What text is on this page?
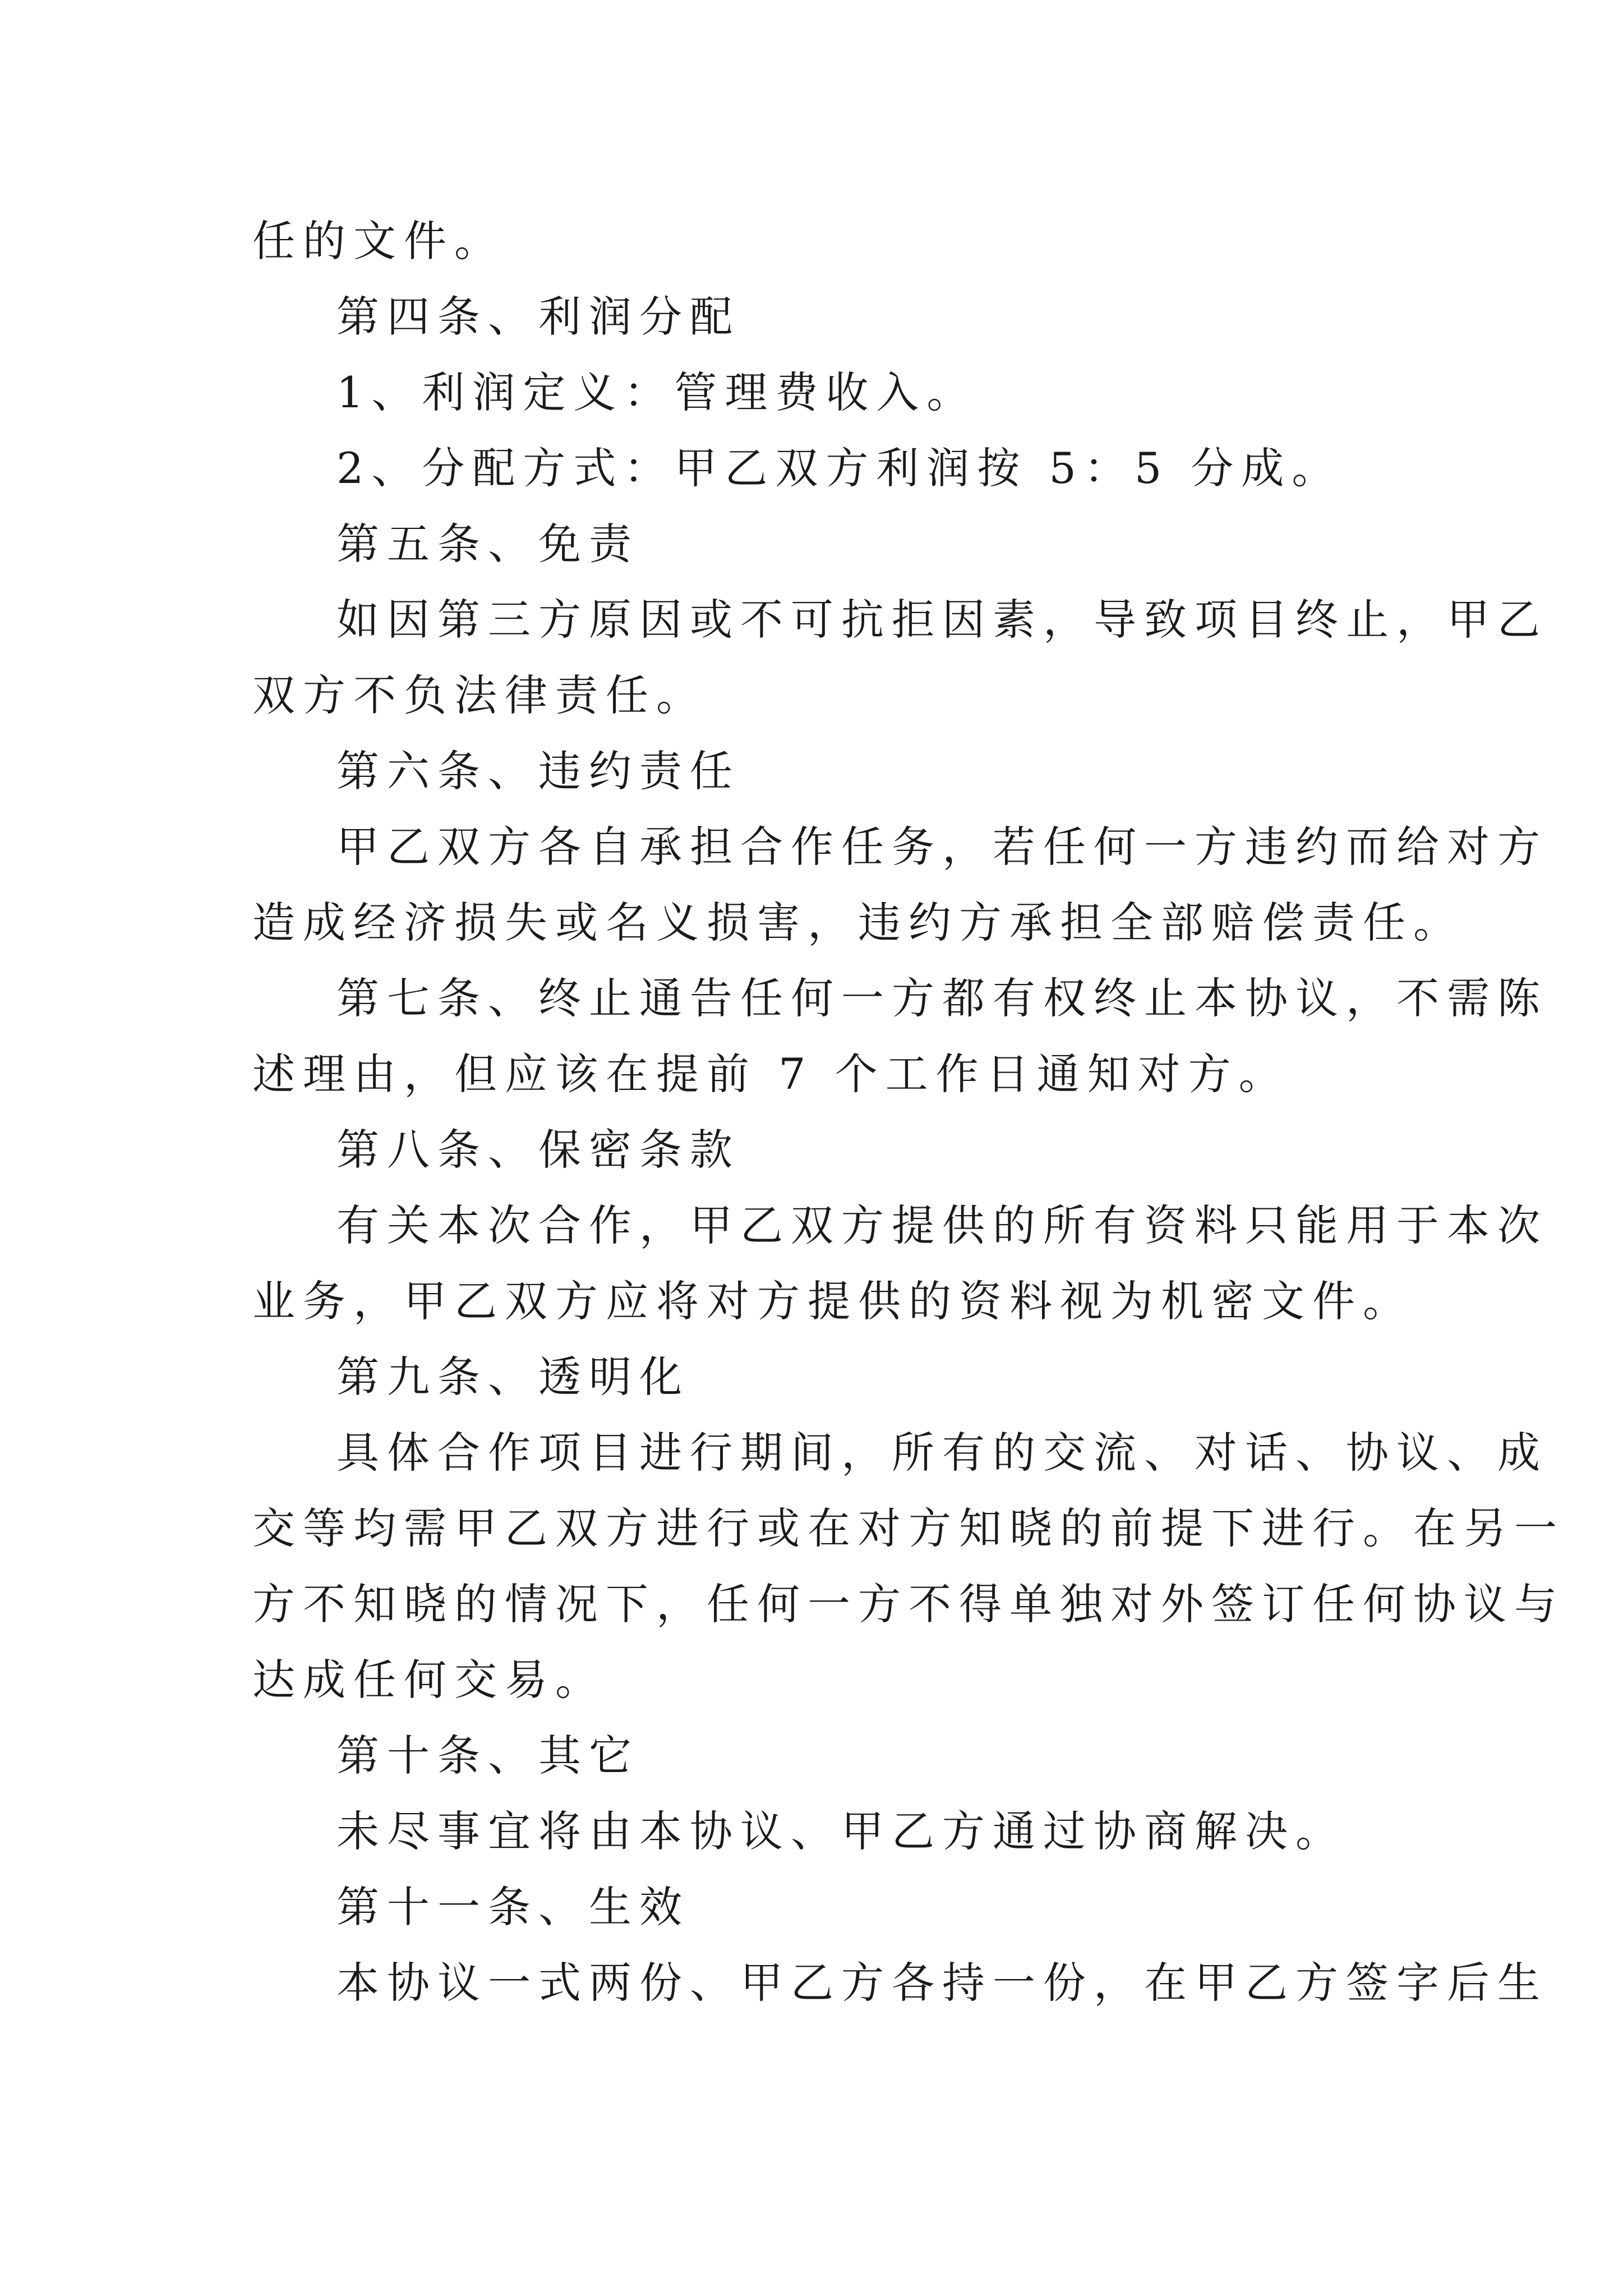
任的文件。
第四条、利润分配
1、利润定义：管理费收入。
2、分配方式：甲乙双方利润按 5：5 分成。
第五条、免责
如因第三方原因或不可抗拒因素，导致项目终止，甲乙
双方不负法律责任。
第六条、违约责任
甲乙双方各自承担合作任务，若任何一方违约而给对方
造成经济损失或名义损害，违约方承担全部赔偿责任。
第七条、终止通告任何一方都有权终止本协议，不需陈
述理由，但应该在提前 7 个工作日通知对方。
第八条、保密条款
有关本次合作，甲乙双方提供的所有资料只能用于本次
业务，甲乙双方应将对方提供的资料视为机密文件。
第九条、透明化
具体合作项目进行期间，所有的交流、对话、协议、成
交等均需甲乙双方进行或在对方知晓的前提下进行。在另一
方不知晓的情况下，任何一方不得单独对外签订任何协议与
达成任何交易。
第十条、其它
未尽事宜将由本协议、甲乙方通过协商解决。
第十一条、生效
本协议一式两份、甲乙方各持一份，在甲乙方签字后生
